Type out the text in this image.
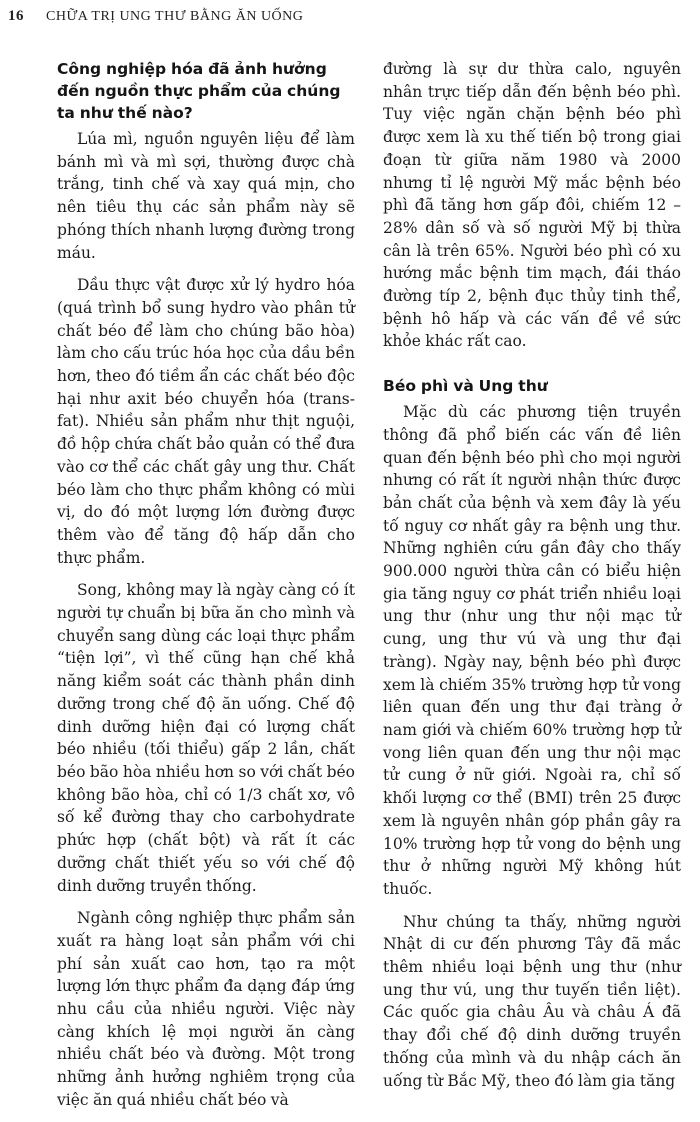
16 CHỮA TRỊ UNG THƯ BẰNG ĂN UỐNG
Công nghiệp hóa đã ảnh hưởng đến nguồn thực phẩm của chúng ta như thế nào?

Lúa mì, nguồn nguyên liệu để làm bánh mì và mì sợi, thường được chà trắng, tinh chế và xay quá mịn, cho nên tiêu thụ các sản phẩm này sẽ phóng thích nhanh lượng đường trong máu.

Dầu thực vật được xử lý hydro hóa (quá trình bổ sung hydro vào phân tử chất béo để làm cho chúng bão hòa) làm cho cấu trúc hóa học của dầu bền hơn, theo đó tiềm ẩn các chất béo độc hại như axit béo chuyển hóa (trans-fat). Nhiều sản phẩm như thịt nguội, đồ hộp chứa chất bảo quản có thể đưa vào cơ thể các chất gây ung thư. Chất béo làm cho thực phẩm không có mùi vị, do đó một lượng lớn đường được thêm vào để tăng độ hấp dẫn cho thực phẩm.

Song, không may là ngày càng có ít người tự chuẩn bị bữa ăn cho mình và chuyển sang dùng các loại thực phẩm “tiện lợi”, vì thế cũng hạn chế khả năng kiểm soát các thành phần dinh dưỡng trong chế độ ăn uống. Chế độ dinh dưỡng hiện đại có lượng chất béo nhiều (tối thiểu) gấp 2 lần, chất béo bão hòa nhiều hơn so với chất béo không bão hòa, chỉ có 1/3 chất xơ, vô số kể đường thay cho carbohydrate phức hợp (chất bột) và rất ít các dưỡng chất thiết yếu so với chế độ dinh dưỡng truyền thống.

Ngành công nghiệp thực phẩm sản xuất ra hàng loạt sản phẩm với chi phí sản xuất cao hơn, tạo ra một lượng lớn thực phẩm đa dạng đáp ứng nhu cầu của nhiều người. Việc này càng khích lệ mọi người ăn càng nhiều chất béo và đường. Một trong những ảnh hưởng nghiêm trọng của việc ăn quá nhiều chất béo và

đường là sự dư thừa calo, nguyên nhân trực tiếp dẫn đến bệnh béo phì. Tuy việc ngăn chặn bệnh béo phì được xem là xu thế tiến bộ trong giai đoạn từ giữa năm 1980 và 2000 nhưng tỉ lệ người Mỹ mắc bệnh béo phì đã tăng hơn gấp đôi, chiếm 12 – 28% dân số và số người Mỹ bị thừa cân là trên 65%. Người béo phì có xu hướng mắc bệnh tim mạch, đái tháo đường típ 2, bệnh đục thủy tinh thể, bệnh hô hấp và các vấn đề về sức khỏe khác rất cao.

Béo phì và Ung thư

Mặc dù các phương tiện truyền thông đã phổ biến các vấn đề liên quan đến bệnh béo phì cho mọi người nhưng có rất ít người nhận thức được bản chất của bệnh và xem đây là yếu tố nguy cơ nhất gây ra bệnh ung thư. Những nghiên cứu gần đây cho thấy 900.000 người thừa cân có biểu hiện gia tăng nguy cơ phát triển nhiều loại ung thư (như ung thư nội mạc tử cung, ung thư vú và ung thư đại tràng). Ngày nay, bệnh béo phì được xem là chiếm 35% trường hợp tử vong liên quan đến ung thư đại tràng ở nam giới và chiếm 60% trường hợp tử vong liên quan đến ung thư nội mạc tử cung ở nữ giới. Ngoài ra, chỉ số khối lượng cơ thể (BMI) trên 25 được xem là nguyên nhân góp phần gây ra 10% trường hợp tử vong do bệnh ung thư ở những người Mỹ không hút thuốc.

Như chúng ta thấy, những người Nhật di cư đến phương Tây đã mắc thêm nhiều loại bệnh ung thư (như ung thư vú, ung thư tuyến tiền liệt). Các quốc gia châu Âu và châu Á đã thay đổi chế độ dinh dưỡng truyền thống của mình và du nhập cách ăn uống từ Bắc Mỹ, theo đó làm gia tăng
